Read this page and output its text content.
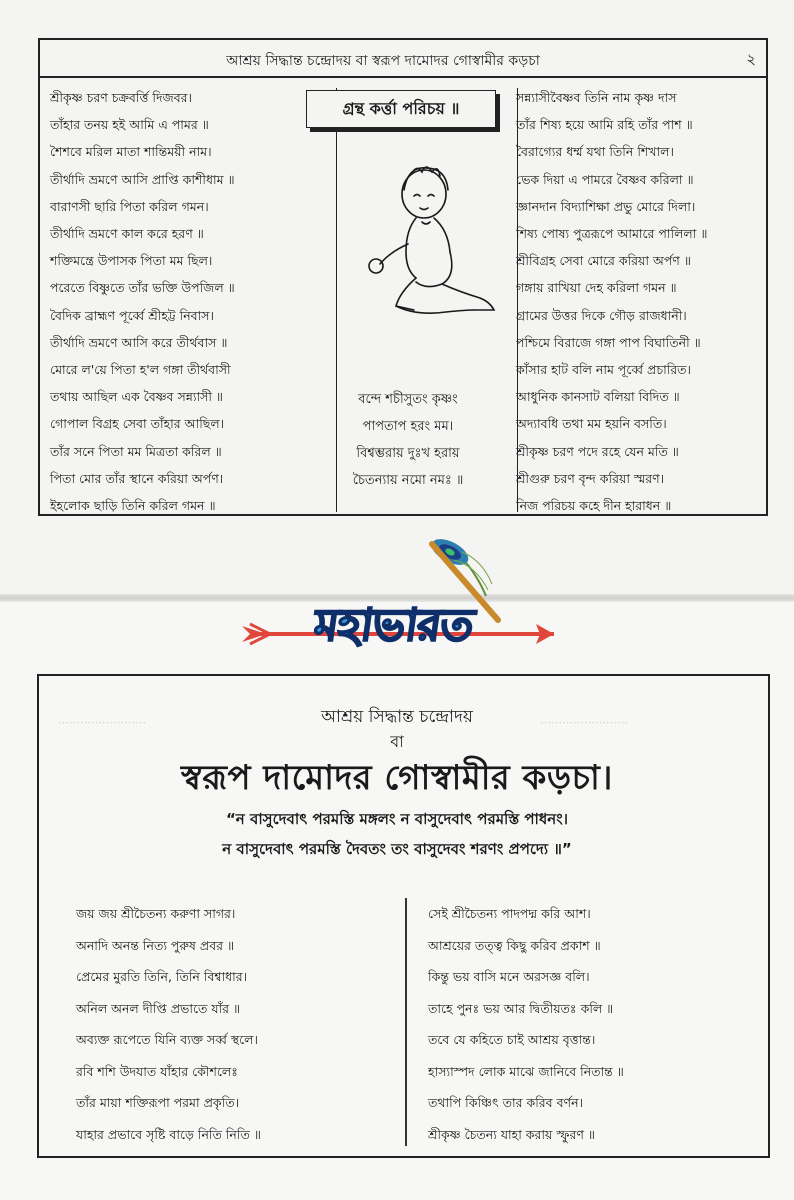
আশ্রয় সিদ্ধান্ত চন্দ্রোদয় বা স্বরূপ দামোদর গোস্বামীর কড়চা	২

শ্রীকৃষ্ণ চরণ চক্রবর্ত্তি দিজবর।

তাঁহার তনয় হই আমি এ পামর ॥

শৈশবে মরিল মাতা শান্তিময়ী নাম।

তীর্থাদি ভ্রমণে আসি প্রাপ্তি কাশীধাম ॥

বারাণসী ছারি পিতা করিল গমন।

তীর্থাদি ভ্রমণে কাল করে হরণ ॥

শক্তিমন্ত্রে উপাসক পিতা মম ছিল।

পরেতে বিষ্ণুতে তাঁর ভক্তি উপজিল ॥

বৈদিক ব্রাহ্মণ পূর্ব্বে শ্রীহট্ট নিবাস।

তীর্থাদি ভ্রমণে আসি করে তীর্থবাস ॥

মোরে ল'য়ে পিতা হ'ল গঙ্গা তীর্থবাসী

তথায় আছিল এক বৈষ্ণব সন্ন্যাসী ॥

গোপাল বিগ্রহ সেবা তাঁহার আছিল।

তাঁর সনে পিতা মম মিত্রতা করিল ॥

পিতা মোর তাঁর স্থানে করিয়া অর্পণ।

ইহলোক ছাড়ি তিনি করিল গমন ॥

গ্রন্থ কর্ত্তা পরিচয় ॥

বন্দে শচীসুতং কৃষ্ণং

পাপতাপ হরং মম।

বিশ্বম্ভরায় দুঃখ হরায়

চৈতন্যায় নমো নমঃ ॥

সন্ন্যাসীবৈষ্ণব তিনি নাম কৃষ্ণ দাস

তাঁর শিষ্য হয়ে আমি রহি তাঁর পাশ ॥

বৈরাগ্যের ধর্ম্ম যথা তিনি শিখাল।

ভেক দিয়া এ পামরে বৈষ্ণব করিলা ॥

জ্ঞানদান বিদ্যাশিক্ষা প্রভু মোরে দিলা।

শিষ্য পোষ্য পুত্ররূপে আমারে পালিলা ॥

শ্রীবিগ্রহ সেবা মোরে করিয়া অর্পণ ॥

গঙ্গায় রাখিয়া দেহ করিলা গমন ॥

গ্রামের উত্তর দিকে গৌড় রাজধানী।

পশ্চিমে বিরাজে গঙ্গা পাপ বিঘাতিনী ॥

কাঁসার হাট বলি নাম পূর্ব্বে প্রচারিত।

আধুনিক কানসাট বলিয়া বিদিত ॥

অদ্যাবধি তথা মম হয়নি বসতি।

শ্রীকৃষ্ণ চরণ পদে রহে যেন মতি ॥

শ্রীগুরু চরণ বৃন্দ করিয়া স্মরণ।

নিজ পরিচয় কহে দীন হারাধন ॥

মহাভারত
⋯⋯⋯⋯⋯⋯⋯⋯	⋯⋯⋯⋯⋯⋯⋯⋯
আশ্রয় সিদ্ধান্ত চন্দ্রোদয়
বা
স্বরূপ দামোদর গোস্বামীর কড়চা।
“ন বাসুদেবাৎ পরমস্তি মঙ্গলং ন বাসুদেবাৎ পরমস্তি পাধনং।
ন বাসুদেবাৎ পরমস্তি দৈবতং তং বাসুদেবং শরণং প্রপদ্যে ॥”

জয় জয় শ্রীচৈতন্য করুণা সাগর।

অনাদি অনন্ত নিত্য পুরুষ প্রবর ॥

প্রেমের মুরতি তিনি, তিনি বিশ্বাধার।

অনিল অনল দীপ্তি প্রভাতে যাঁর ॥

অব্যক্ত রূপেতে যিনি ব্যক্ত সর্ব্ব স্থলে।

রবি শশি উদযাত যাঁহার কৌশলেঃ

তাঁর মায়া শক্তিরূপা পরমা প্রকৃতি।

যাহার প্রভাবে সৃষ্টি বাড়ে নিতি নিতি ॥

সেই শ্রীচৈতন্য পাদপদ্ম করি আশ।

আশ্রয়ের তত্ত্ব কিছু করিব প্রকাশ ॥

কিন্তু ভয় বাসি মনে অরসজ্ঞ বলি।

তাহে পুনঃ ভয় আর দ্বিতীয়তঃ কলি ॥

তবে যে কহিতে চাই আশ্রয় বৃত্তান্ত।

হাস্যাস্পদ লোক মাঝে জানিবে নিতান্ত ॥

তথাপি কিঞ্চিৎ তার করিব বর্ণন।

শ্রীকৃষ্ণ চৈতন্য যাহা করায় স্ফুরণ ॥
